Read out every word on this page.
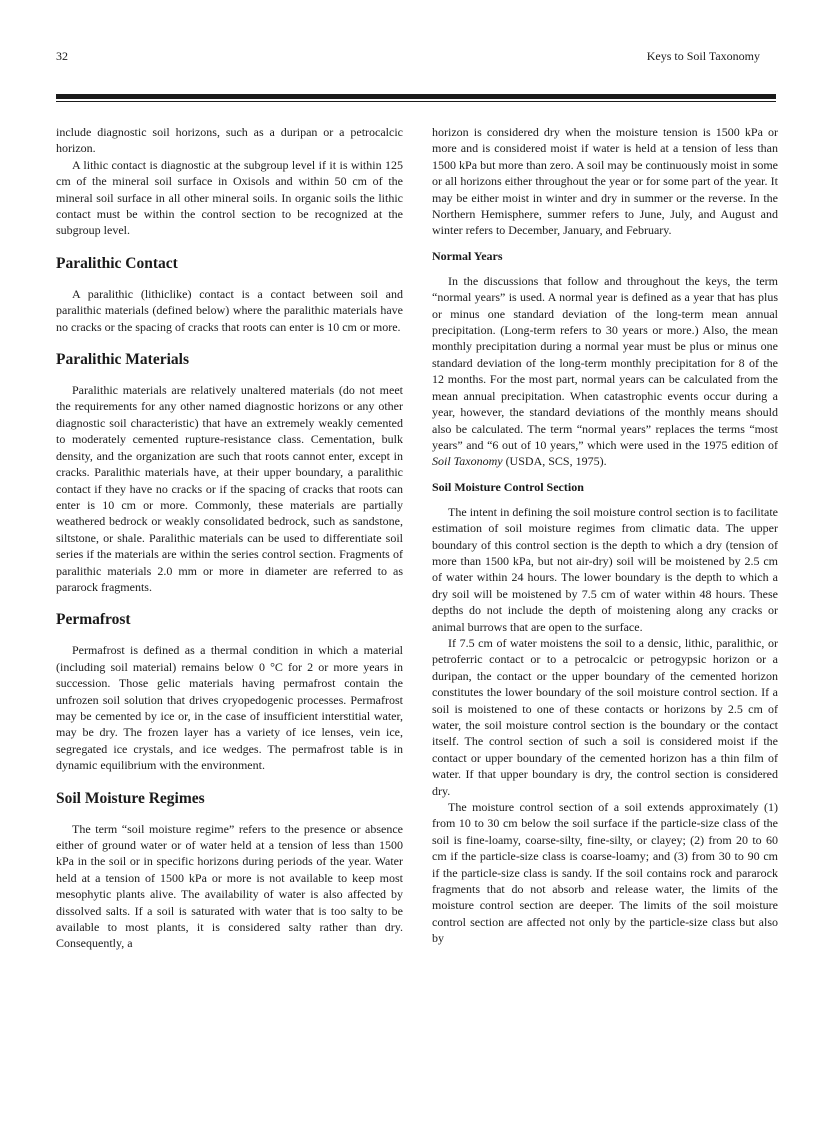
32	Keys to Soil Taxonomy

include diagnostic soil horizons, such as a duripan or a petrocalcic horizon.

A lithic contact is diagnostic at the subgroup level if it is within 125 cm of the mineral soil surface in Oxisols and within 50 cm of the mineral soil surface in all other mineral soils. In organic soils the lithic contact must be within the control section to be recognized at the subgroup level.

Paralithic Contact

A paralithic (lithiclike) contact is a contact between soil and paralithic materials (defined below) where the paralithic materials have no cracks or the spacing of cracks that roots can enter is 10 cm or more.

Paralithic Materials

Paralithic materials are relatively unaltered materials (do not meet the requirements for any other named diagnostic horizons or any other diagnostic soil characteristic) that have an extremely weakly cemented to moderately cemented rupture-resistance class. Cementation, bulk density, and the organization are such that roots cannot enter, except in cracks. Paralithic materials have, at their upper boundary, a paralithic contact if they have no cracks or if the spacing of cracks that roots can enter is 10 cm or more. Commonly, these materials are partially weathered bedrock or weakly consolidated bedrock, such as sandstone, siltstone, or shale. Paralithic materials can be used to differentiate soil series if the materials are within the series control section. Fragments of paralithic materials 2.0 mm or more in diameter are referred to as pararock fragments.

Permafrost

Permafrost is defined as a thermal condition in which a material (including soil material) remains below 0 °C for 2 or more years in succession. Those gelic materials having permafrost contain the unfrozen soil solution that drives cryopedogenic processes. Permafrost may be cemented by ice or, in the case of insufficient interstitial water, may be dry. The frozen layer has a variety of ice lenses, vein ice, segregated ice crystals, and ice wedges. The permafrost table is in dynamic equilibrium with the environment.

Soil Moisture Regimes

The term “soil moisture regime” refers to the presence or absence either of ground water or of water held at a tension of less than 1500 kPa in the soil or in specific horizons during periods of the year. Water held at a tension of 1500 kPa or more is not available to keep most mesophytic plants alive. The availability of water is also affected by dissolved salts. If a soil is saturated with water that is too salty to be available to most plants, it is considered salty rather than dry. Consequently, a

horizon is considered dry when the moisture tension is 1500 kPa or more and is considered moist if water is held at a tension of less than 1500 kPa but more than zero. A soil may be continuously moist in some or all horizons either throughout the year or for some part of the year. It may be either moist in winter and dry in summer or the reverse. In the Northern Hemisphere, summer refers to June, July, and August and winter refers to December, January, and February.

Normal Years

In the discussions that follow and throughout the keys, the term “normal years” is used. A normal year is defined as a year that has plus or minus one standard deviation of the long-term mean annual precipitation. (Long-term refers to 30 years or more.) Also, the mean monthly precipitation during a normal year must be plus or minus one standard deviation of the long-term monthly precipitation for 8 of the 12 months. For the most part, normal years can be calculated from the mean annual precipitation. When catastrophic events occur during a year, however, the standard deviations of the monthly means should also be calculated. The term “normal years” replaces the terms “most years” and “6 out of 10 years,” which were used in the 1975 edition of Soil Taxonomy (USDA, SCS, 1975).

Soil Moisture Control Section

The intent in defining the soil moisture control section is to facilitate estimation of soil moisture regimes from climatic data. The upper boundary of this control section is the depth to which a dry (tension of more than 1500 kPa, but not air-dry) soil will be moistened by 2.5 cm of water within 24 hours. The lower boundary is the depth to which a dry soil will be moistened by 7.5 cm of water within 48 hours. These depths do not include the depth of moistening along any cracks or animal burrows that are open to the surface.

If 7.5 cm of water moistens the soil to a densic, lithic, paralithic, or petroferric contact or to a petrocalcic or petrogypsic horizon or a duripan, the contact or the upper boundary of the cemented horizon constitutes the lower boundary of the soil moisture control section. If a soil is moistened to one of these contacts or horizons by 2.5 cm of water, the soil moisture control section is the boundary or the contact itself. The control section of such a soil is considered moist if the contact or upper boundary of the cemented horizon has a thin film of water. If that upper boundary is dry, the control section is considered dry.

The moisture control section of a soil extends approximately (1) from 10 to 30 cm below the soil surface if the particle-size class of the soil is fine-loamy, coarse-silty, fine-silty, or clayey; (2) from 20 to 60 cm if the particle-size class is coarse-loamy; and (3) from 30 to 90 cm if the particle-size class is sandy. If the soil contains rock and pararock fragments that do not absorb and release water, the limits of the moisture control section are deeper. The limits of the soil moisture control section are affected not only by the particle-size class but also by
